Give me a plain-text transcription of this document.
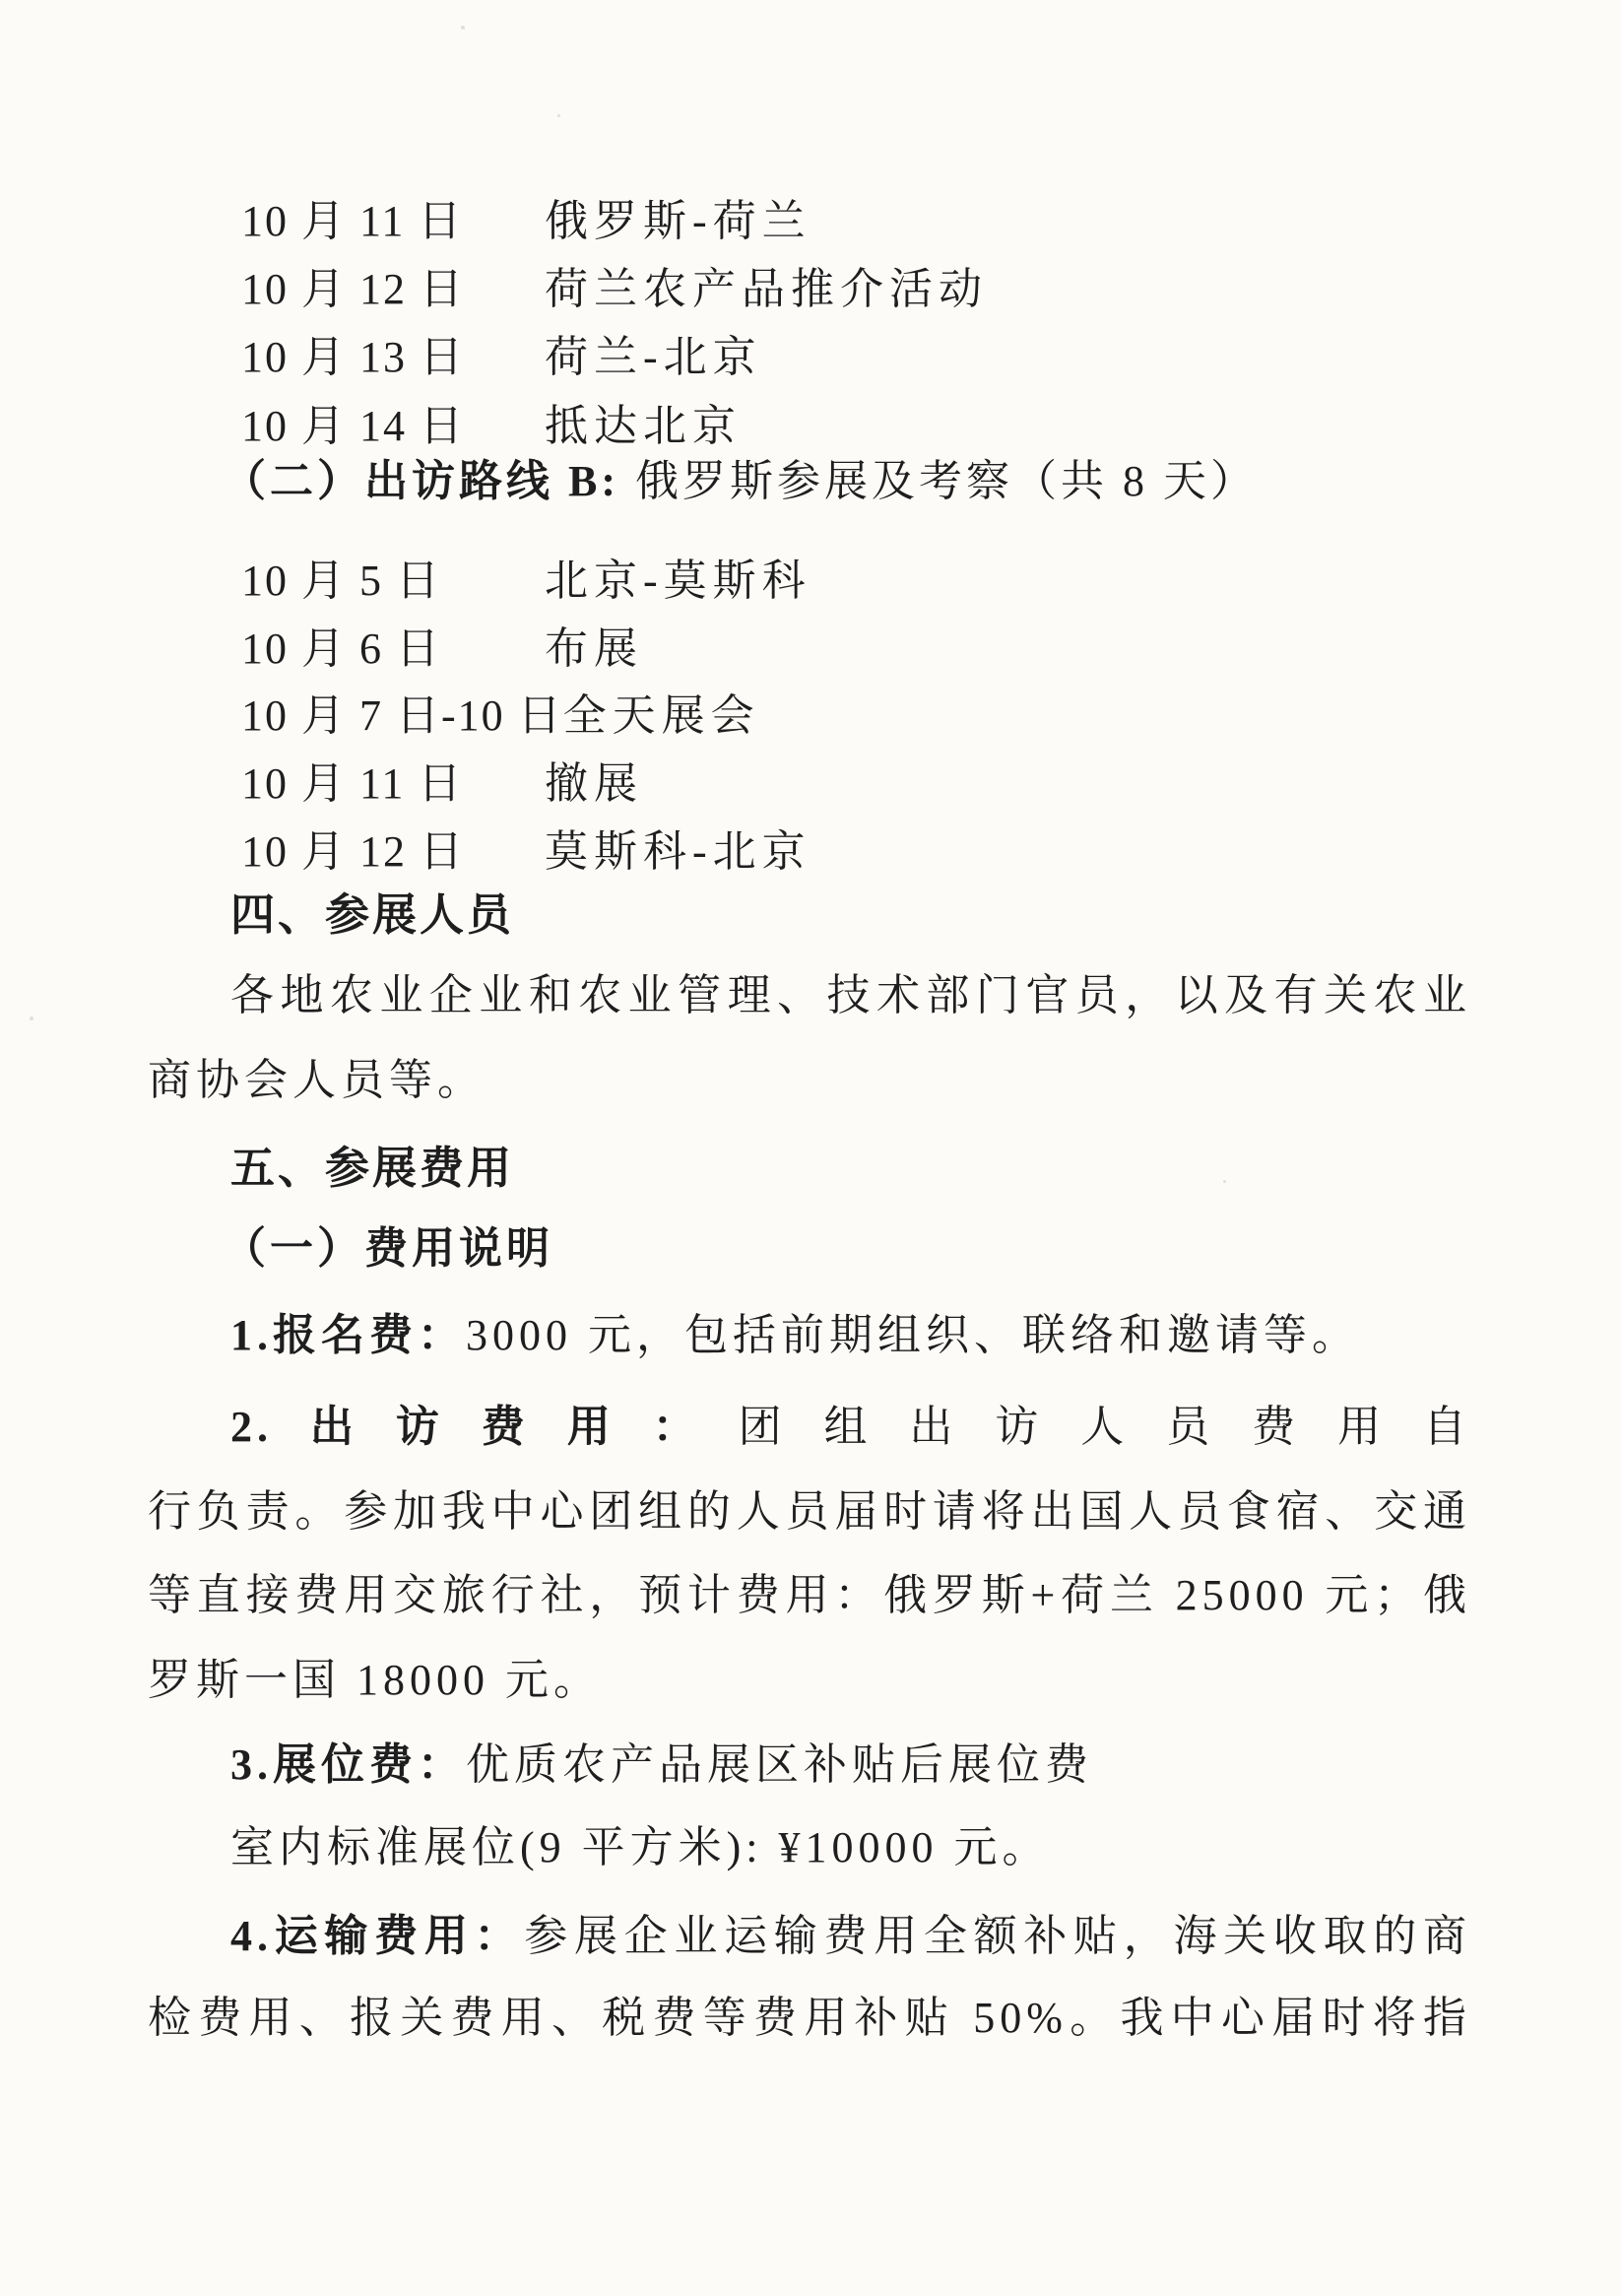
10 月 11 日 俄罗斯-荷兰
10 月 12 日 荷兰农产品推介活动
10 月 13 日 荷兰-北京
10 月 14 日 抵达北京
（二）出访路线 B: 俄罗斯参展及考察（共 8 天）
10 月 5 日 北京-莫斯科
10 月 6 日 布展
10 月 7 日-10 日全天展会
10 月 11 日 撤展
10 月 12 日 莫斯科-北京
四、参展人员
各地农业企业和农业管理、技术部门官员，以及有关农业
商协会人员等。
五、参展费用
（一）费用说明
1.报名费：3000 元，包括前期组织、联络和邀请等。
2.出访费用：团组出访人员费用自
行负责。参加我中心团组的人员届时请将出国人员食宿、交通
等直接费用交旅行社，预计费用：俄罗斯+荷兰 25000 元；俄
罗斯一国 18000 元。
3.展位费：优质农产品展区补贴后展位费
室内标准展位(9 平方米): ¥10000 元。
4.运输费用：参展企业运输费用全额补贴，海关收取的商
检费用、报关费用、税费等费用补贴 50%。我中心届时将指
